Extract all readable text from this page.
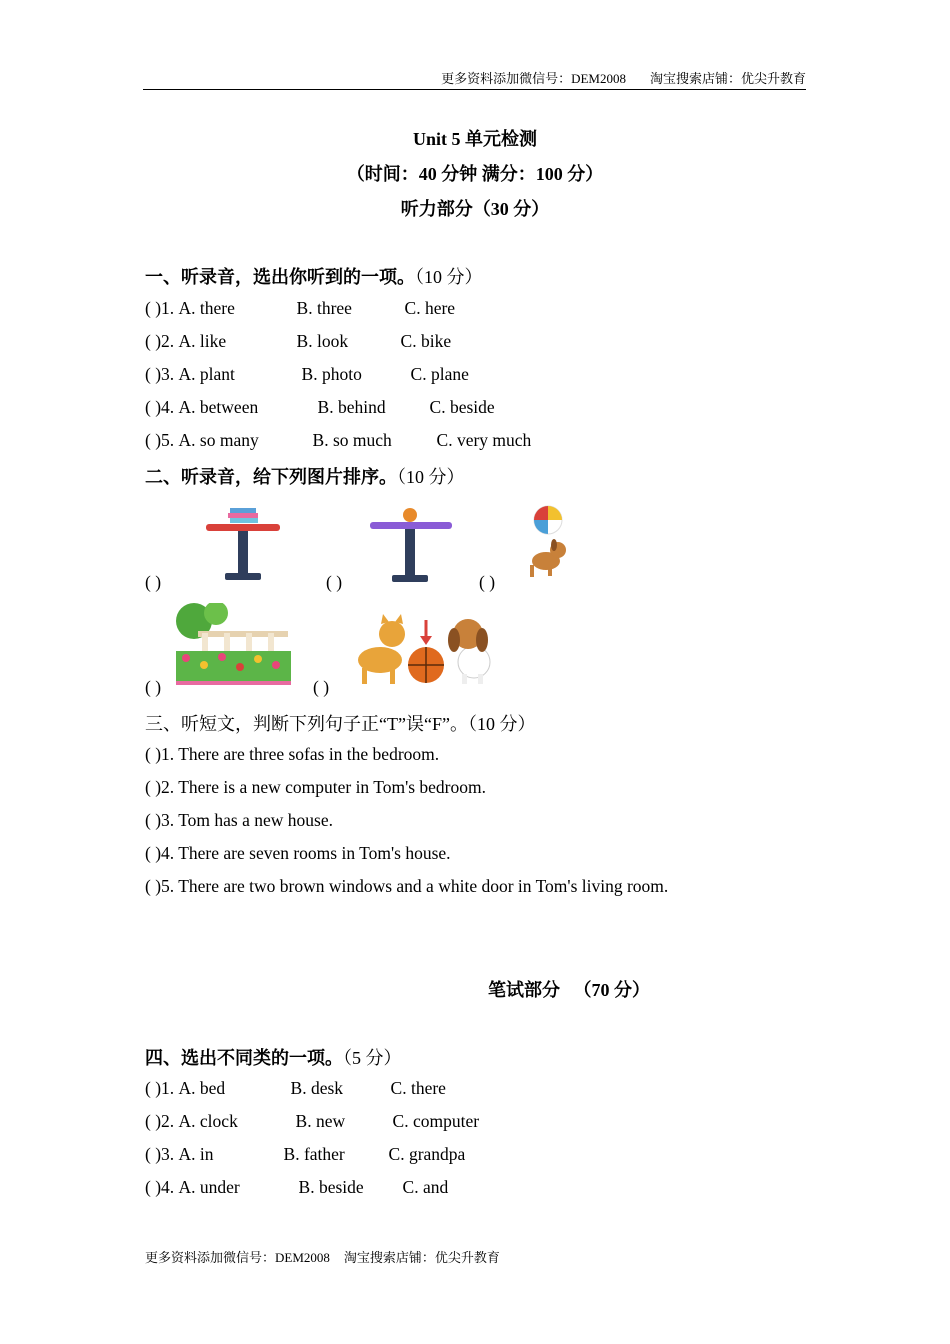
更多资料添加微信号：DEM2008 淘宝搜索店铺：优尖升教育
Unit 5 单元检测
（时间：40 分钟 满分：100 分）
听力部分（30 分）
一、听录音，选出你听到的一项。（10 分）
( )1. A. there	B. three	C. here
( )2. A. like	B. look	C. bike
( )3. A. plant	B. photo	C. plane
( )4. A. between	B. behind	C. beside
( )5. A. so many	B. so much	C. very much
二、听录音，给下列图片排序。（10 分）
( )	( )	( )
( )	( )
三、听短文，判断下列句子正“T”误“F”。（10 分）
( )1. There are three sofas in the bedroom.
( )2. There is a new computer in Tom's bedroom.
( )3. Tom has a new house.
( )4. There are seven rooms in Tom's house.
( )5. There are two brown windows and a white door in Tom's living room.
笔试部分   （70 分）
四、选出不同类的一项。（5 分）
( )1. A. bed	B. desk	C. there
( )2. A. clock	B. new	C. computer
( )3. A. in	B. father	C. grandpa
( )4. A. under	B. beside C. and
更多资料添加微信号：DEM2008 淘宝搜索店铺：优尖升教育
